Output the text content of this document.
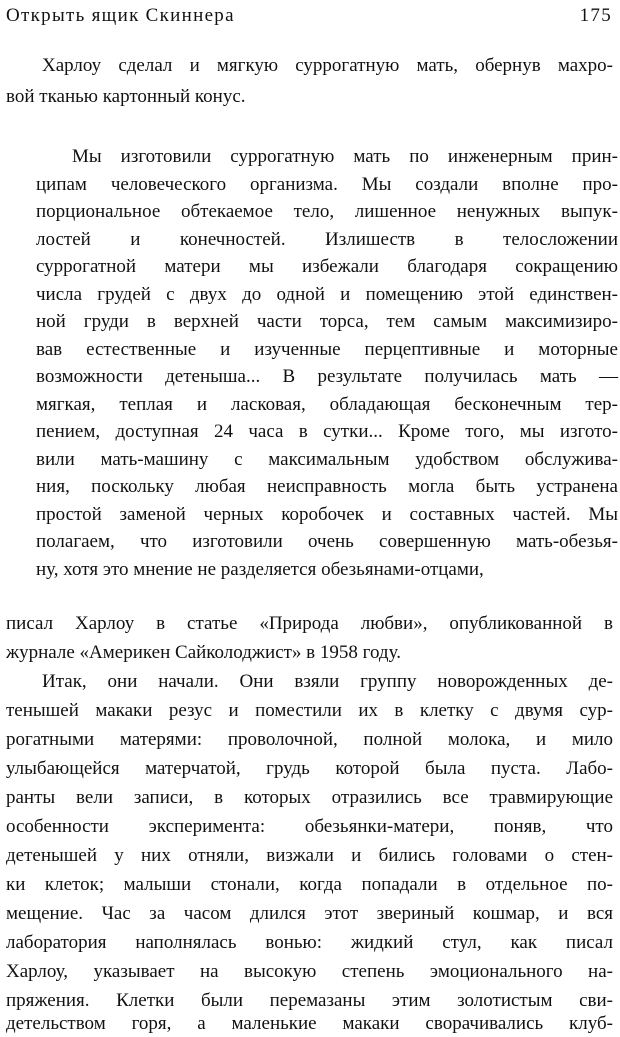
Открыть ящик Скиннера	175
Харлоу сделал и мягкую суррогатную мать, обернув махро-
вой тканью картонный конус.
Мы изготовили суррогатную мать по инженерным прин-
ципам человеческого организма. Мы создали вполне про-
порциональное обтекаемое тело, лишенное ненужных выпук-
лостей и конечностей. Излишеств в телосложении
суррогатной матери мы избежали благодаря сокращению
числа грудей с двух до одной и помещению этой единствен-
ной груди в верхней части торса, тем самым максимизиро-
вав естественные и изученные перцептивные и моторные
возможности детеныша... В результате получилась мать —
мягкая, теплая и ласковая, обладающая бесконечным тер-
пением, доступная 24 часа в сутки... Кроме того, мы изгото-
вили мать-машину с максимальным удобством обслужива-
ния, поскольку любая неисправность могла быть устранена
простой заменой черных коробочек и составных частей. Мы
полагаем, что изготовили очень совершенную мать-обезья-
ну, хотя это мнение не разделяется обезьянами-отцами,
писал Харлоу в статье «Природа любви», опубликованной в
журнале «Америкен Сайколоджист» в 1958 году.
Итак, они начали. Они взяли группу новорожденных де-
тенышей макаки резус и поместили их в клетку с двумя сур-
рогатными матерями: проволочной, полной молока, и мило
улыбающейся матерчатой, грудь которой была пуста. Лабо-
ранты вели записи, в которых отразились все травмирующие
особенности эксперимента: обезьянки-матери, поняв, что
детенышей у них отняли, визжали и бились головами о стен-
ки клеток; малыши стонали, когда попадали в отдельное по-
мещение. Час за часом длился этот звериный кошмар, и вся
лаборатория наполнялась вонью: жидкий стул, как писал
Харлоу, указывает на высокую степень эмоционального на-
пряжения. Клетки были перемазаны этим золотистым сви-
детельством горя, а маленькие макаки сворачивались клуб-
